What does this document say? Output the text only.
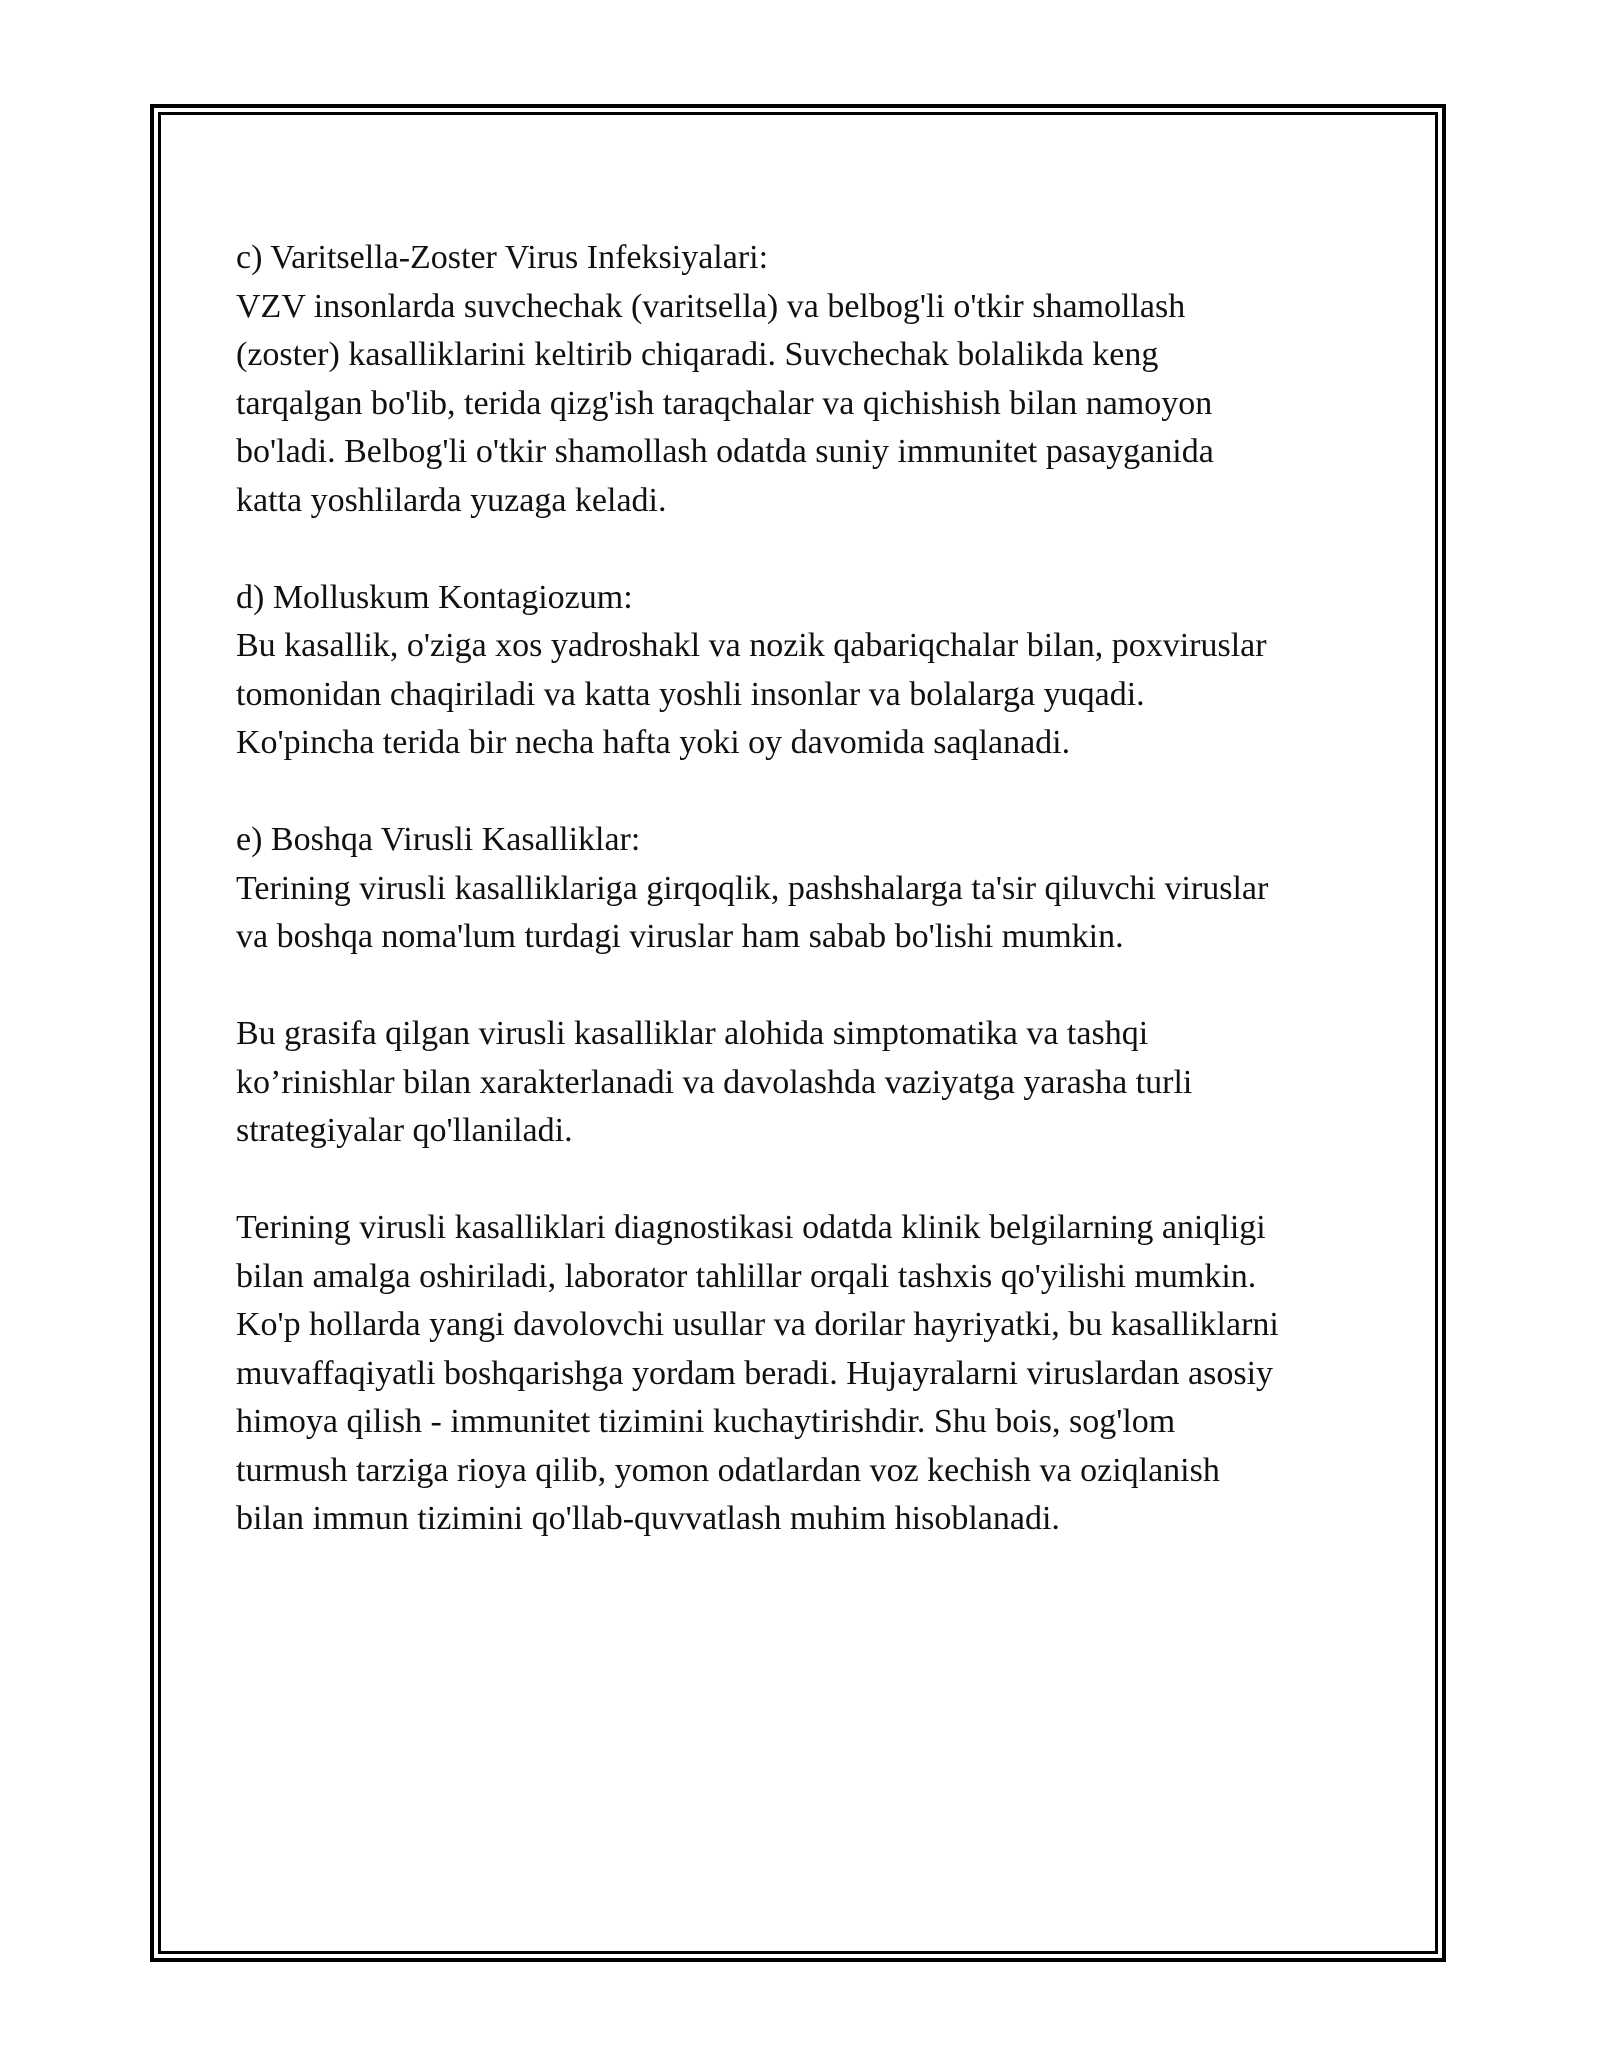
c) Varitsella-Zoster Virus Infeksiyalari:
VZV insonlarda suvchechak (varitsella) va belbog'li o'tkir shamollash
(zoster) kasalliklarini keltirib chiqaradi. Suvchechak bolalikda keng
tarqalgan bo'lib, terida qizg'ish taraqchalar va qichishish bilan namoyon
bo'ladi. Belbog'li o'tkir shamollash odatda suniy immunitet pasayganida
katta yoshlilarda yuzaga keladi.

d) Molluskum Kontagiozum:
Bu kasallik, o'ziga xos yadroshakl va nozik qabariqchalar bilan, poxviruslar
tomonidan chaqiriladi va katta yoshli insonlar va bolalarga yuqadi.
Ko'pincha terida bir necha hafta yoki oy davomida saqlanadi.

e) Boshqa Virusli Kasalliklar:
Terining virusli kasalliklariga girqoqlik, pashshalarga ta'sir qiluvchi viruslar
va boshqa noma'lum turdagi viruslar ham sabab bo'lishi mumkin.

Bu grasifa qilgan virusli kasalliklar alohida simptomatika va tashqi
ko’rinishlar bilan xarakterlanadi va davolashda vaziyatga yarasha turli
strategiyalar qo'llaniladi.

Terining virusli kasalliklari diagnostikasi odatda klinik belgilarning aniqligi
bilan amalga oshiriladi, laborator tahlillar orqali tashxis qo'yilishi mumkin.
Ko'p hollarda yangi davolovchi usullar va dorilar hayriyatki, bu kasalliklarni
muvaffaqiyatli boshqarishga yordam beradi. Hujayralarni viruslardan asosiy
himoya qilish - immunitet tizimini kuchaytirishdir. Shu bois, sog'lom
turmush tarziga rioya qilib, yomon odatlardan voz kechish va oziqlanish
bilan immun tizimini qo'llab-quvvatlash muhim hisoblanadi.
